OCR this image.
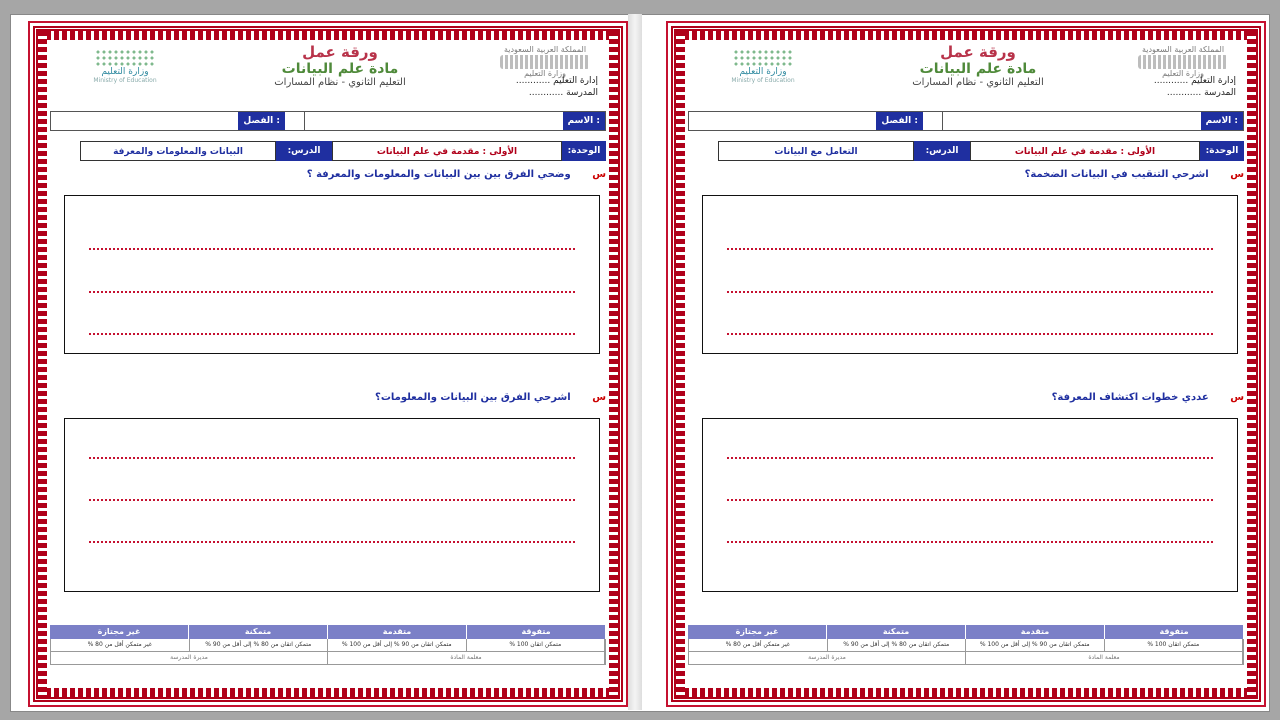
المملكة العربية السعودية
وزارة التعليم
إدارة التعليم ............
المدرسة ............
ورقة عمل
مادة علم البيانات
التعليم الثانوي - نظام المسارات
وزارة التعليم
Ministry of Education
الاسم :
الفصل :
الوحدة:
الأولى : مقدمة في علم البيانات
الدرس:
البيانات والمعلومات والمعرفة
س وضحي الفرق بين بين البيانات والمعلومات والمعرفة ؟
س اشرحي الفرق بين البيانات والمعلومات؟
غير مجتازة	متمكنة	متقدمة	متفوقة
غير متمكن أقل من 80 %	متمكن اتقان من 80 % إلى أقل من 90 %	متمكن اتقان من 90 % إلى أقل من 100 %	متمكن اتقان 100 %
مديرة المدرسة	معلمة المادة
المملكة العربية السعودية
وزارة التعليم
إدارة التعليم ............
المدرسة ............
ورقة عمل
مادة علم البيانات
التعليم الثانوي - نظام المسارات
وزارة التعليم
Ministry of Education
الاسم :
الفصل :
الوحدة:
الأولى : مقدمة في علم البيانات
الدرس:
التعامل مع البيانات
س اشرحي التنقيب في البيانات الضخمة؟
س عددي خطوات اكتشاف المعرفة؟
غير مجتازة	متمكنة	متقدمة	متفوقة
غير متمكن أقل من 80 %	متمكن اتقان من 80 % إلى أقل من 90 %	متمكن اتقان من 90 % إلى أقل من 100 %	متمكن اتقان 100 %
مديرة المدرسة	معلمة المادة
